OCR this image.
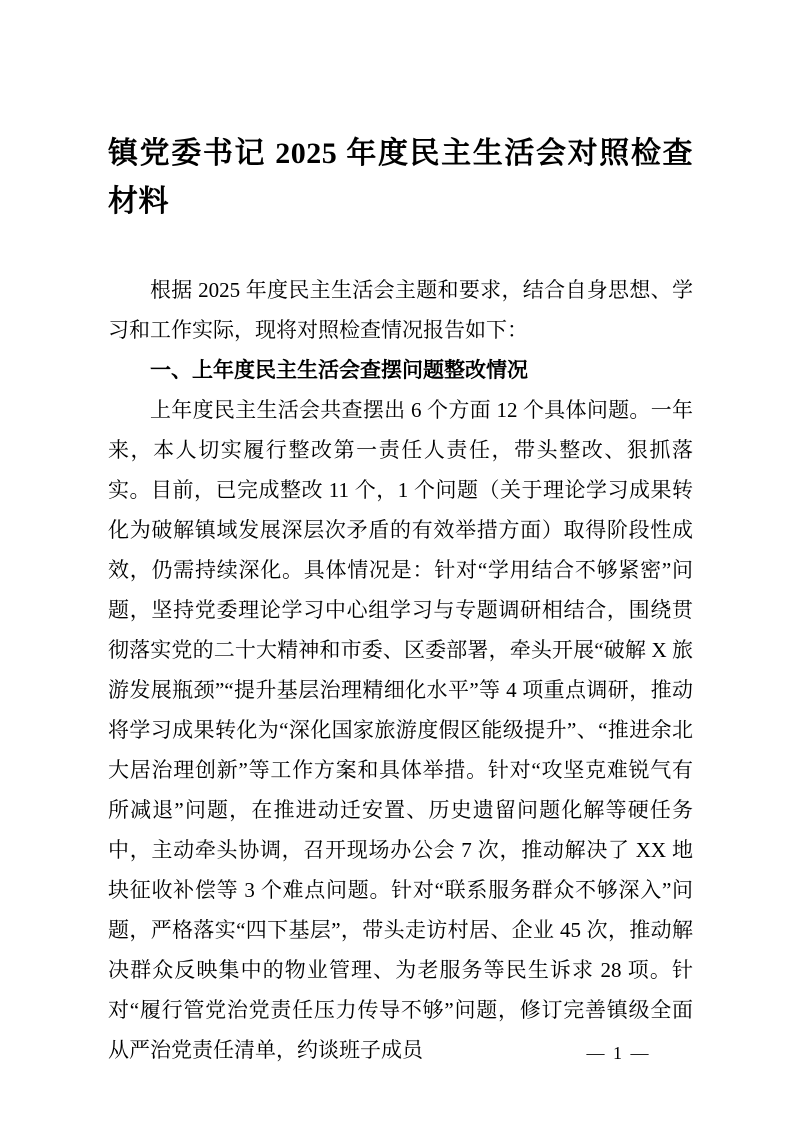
镇党委书记 2025 年度民主生活会对照检查材料

根据 2025 年度民主生活会主题和要求，结合自身思想、学习和工作实际，现将对照检查情况报告如下：

一、上年度民主生活会查摆问题整改情况

上年度民主生活会共查摆出 6 个方面 12 个具体问题。一年来，本人切实履行整改第一责任人责任，带头整改、狠抓落实。目前，已完成整改 11 个，1 个问题（关于理论学习成果转化为破解镇域发展深层次矛盾的有效举措方面）取得阶段性成效，仍需持续深化。具体情况是：针对“学用结合不够紧密”问题，坚持党委理论学习中心组学习与专题调研相结合，围绕贯彻落实党的二十大精神和市委、区委部署，牵头开展“破解 X 旅游发展瓶颈”“提升基层治理精细化水平”等 4 项重点调研，推动将学习成果转化为“深化国家旅游度假区能级提升”、“推进余北大居治理创新”等工作方案和具体举措。针对“攻坚克难锐气有所减退”问题，在推进动迁安置、历史遗留问题化解等硬任务中，主动牵头协调，召开现场办公会 7 次，推动解决了 XX 地块征收补偿等 3 个难点问题。针对“联系服务群众不够深入”问题，严格落实“四下基层”，带头走访村居、企业 45 次，推动解决群众反映集中的物业管理、为老服务等民生诉求 28 项。针对“履行管党治党责任压力传导不够”问题，修订完善镇级全面从严治党责任清单，约谈班子成员	— 1 —
